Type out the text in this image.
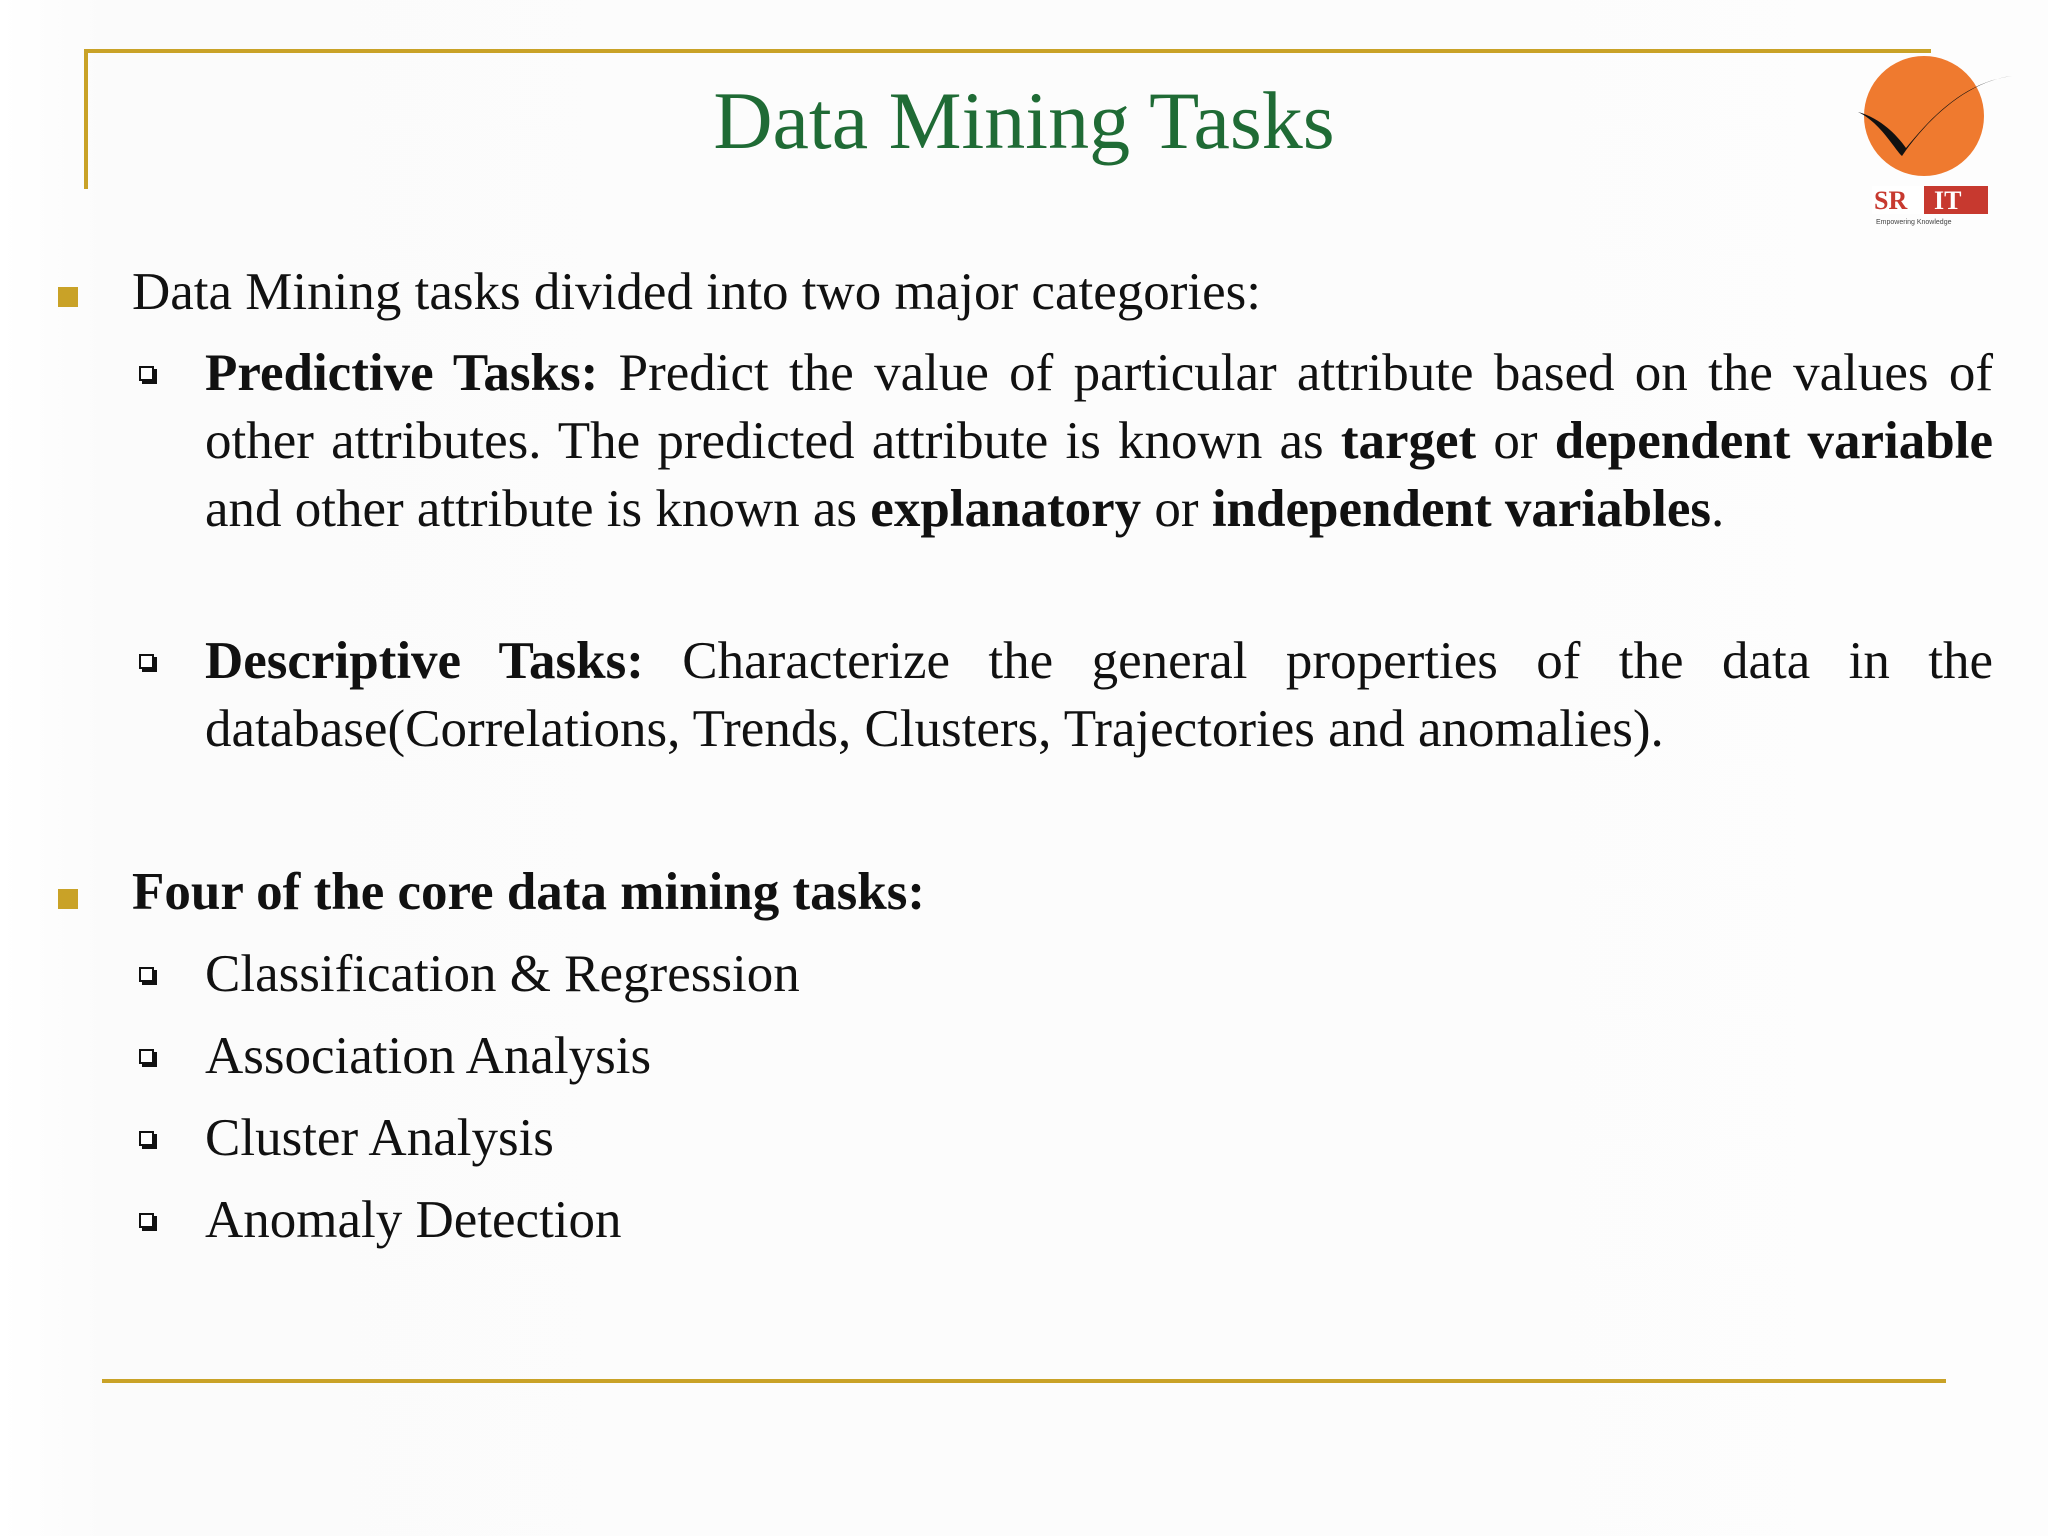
Data Mining Tasks
SR IT
Empowering Knowledge
Data Mining tasks divided into two major categories:
Predictive Tasks: Predict the value of particular attribute based on the values of other attributes. The predicted attribute is known as target or dependent variable and other attribute is known as explanatory or independent variables.
Descriptive Tasks: Characterize the general properties of the data in the database(Correlations, Trends, Clusters, Trajectories and anomalies).
Four of the core data mining tasks:
Classification & Regression
Association Analysis
Cluster Analysis
Anomaly Detection
